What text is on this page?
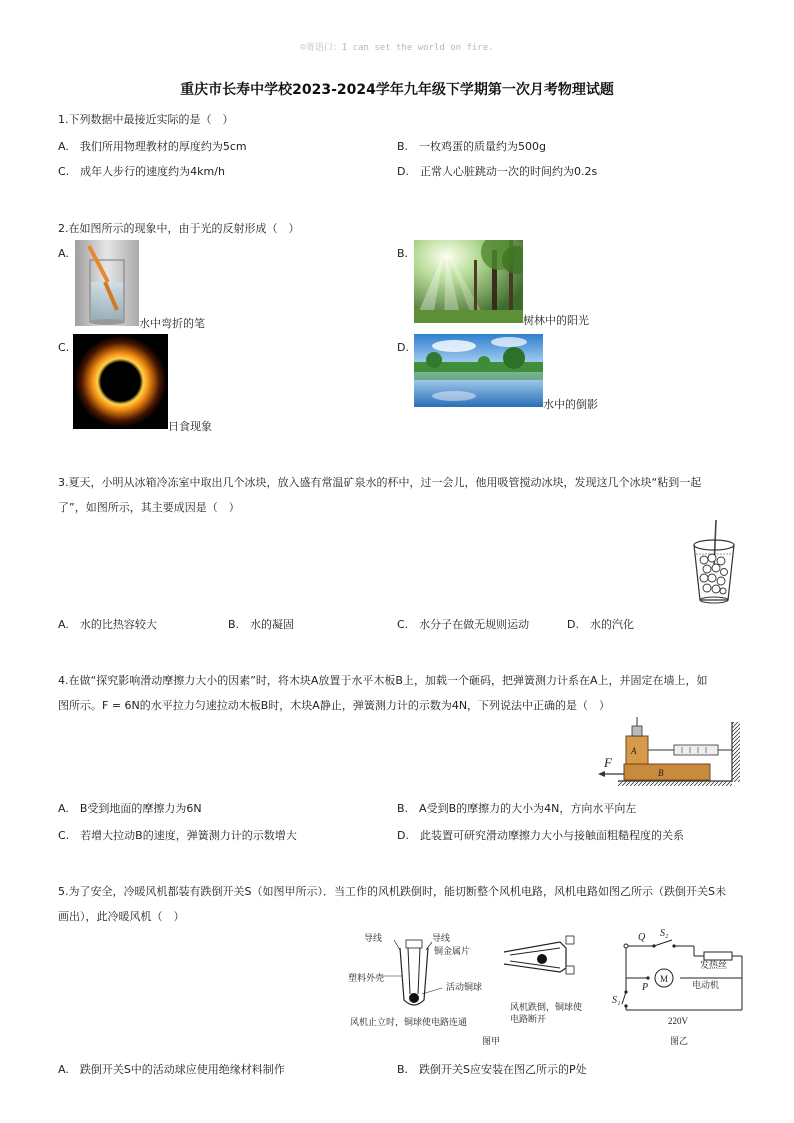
☺寄语口：I can set the world on fire.
重庆市长寿中学校2023-2024学年九年级下学期第一次月考物理试题
1.下列数据中最接近实际的是（　）
A.　我们所用物理教材的厚度约为5cm	B.　一枚鸡蛋的质量约为500g
C.　成年人步行的速度约为4km/h	D.　正常人心脏跳动一次的时间约为0.2s
2.在如图所示的现象中，由于光的反射形成（　）
A.
水中弯折的笔
B.
树林中的阳光
C.
日食现象
D.
水中的倒影
3.夏天，小明从冰箱冷冻室中取出几个冰块，放入盛有常温矿泉水的杯中，过一会儿，他用吸管搅动冰块，发现这几个冰块“粘到一起
了”，如图所示，其主要成因是（　）
A.　水的比热容较大	B.　水的凝固	C.　水分子在做无规则运动	D.　水的汽化
4.在做“探究影响滑动摩擦力大小的因素”时，将木块A放置于水平木板B上，加载一个砸码，把弹簧测力计系在A上，并固定在墙上，如
图所示。F = 6N的水平拉力匀速拉动木板B时，木块A静止，弹簧测力计的示数为4N，下列说法中正确的是（　）
B
A
F
A.　B受到地面的摩擦力为6N	B.　A受到B的摩擦力的大小为4N，方向水平向左
C.　若增大拉动B的速度，弹簧测力计的示数增大	D.　此装置可研究滑动摩擦力大小与接触面粗糙程度的关系
5.为了安全，冷暖风机都装有跌倒开关S（如图甲所示）．当工作的风机跌倒时，能切断整个风机电路，风机电路如图乙所示（跌倒开关S未
画出），此冷暖风机（　）
导线	导线
铜金属片
塑料外壳
活动铜球
风机止立时，铜球使电路连通
风机跌倒，铜球使
电路断开
图甲
Q S₂
S₁
P
M
220V
发热丝
电动机
图乙
A.　跌倒开关S中的活动球应使用绝缘材料制作	B.　跌倒开关S应安装在图乙所示的P处
